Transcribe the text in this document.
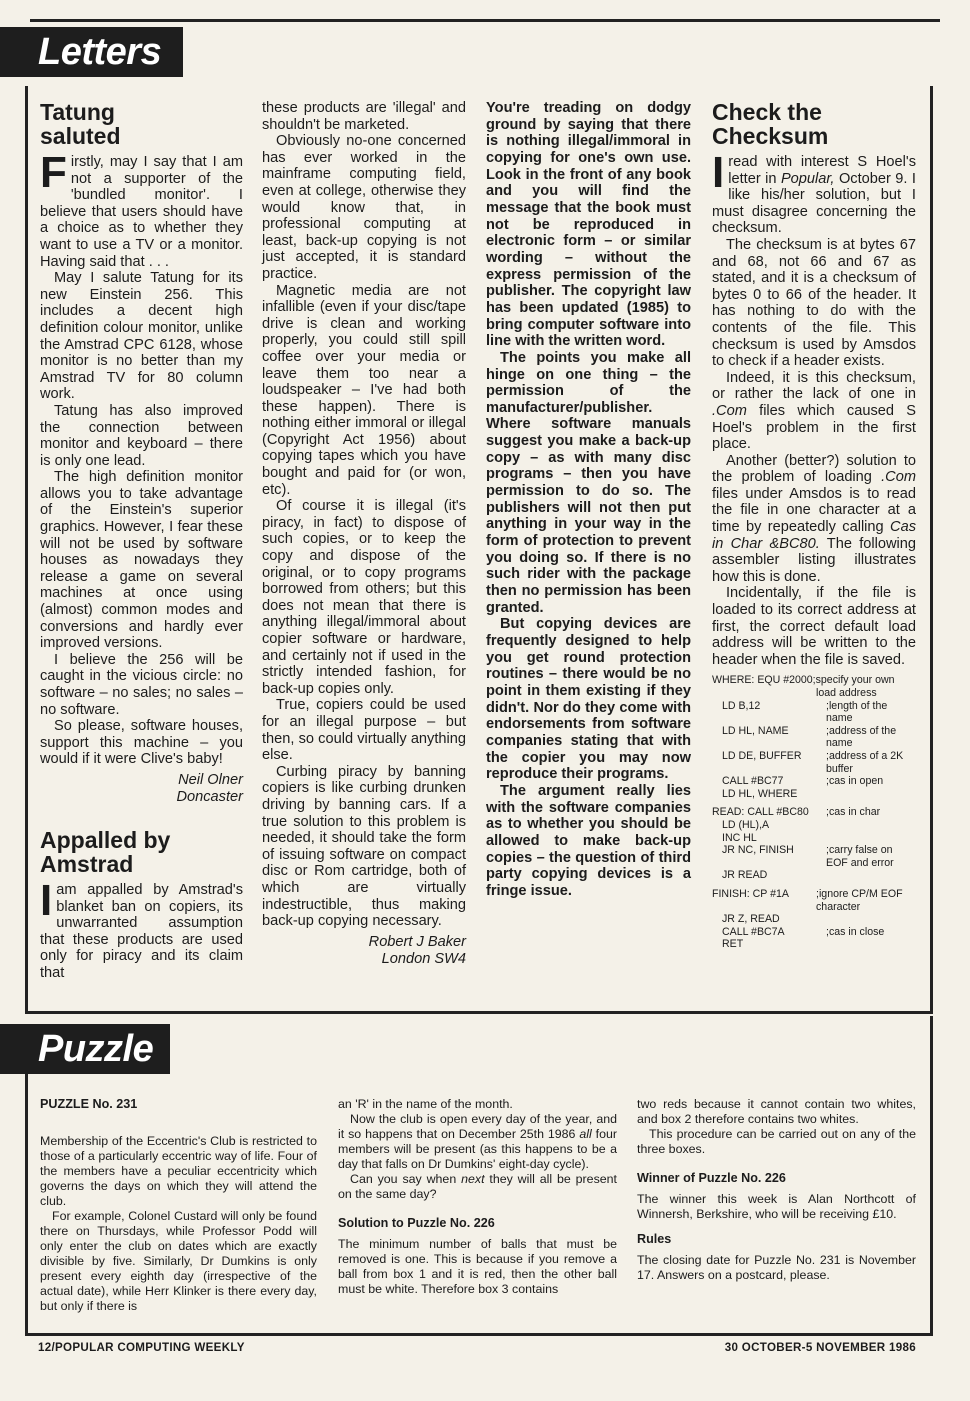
Letters
Tatung
saluted

Firstly, may I say that I am not a supporter of the 'bundled monitor'. I believe that users should have a choice as to whether they want to use a TV or a monitor. Having said that . . .

May I salute Tatung for its new Einstein 256. This includes a decent high definition colour monitor, unlike the Amstrad CPC 6128, whose monitor is no better than my Amstrad TV for 80 column work.

Tatung has also improved the connection between monitor and keyboard – there is only one lead.

The high definition monitor allows you to take advantage of the Einstein's superior graphics. However, I fear these will not be used by software houses as nowadays they release a game on several machines at once using (almost) common modes and conversions and hardly ever improved versions.

I believe the 256 will be caught in the vicious circle: no software – no sales; no sales – no software.

So please, software houses, support this machine – you would if it were Clive's baby!

Neil Olner
Doncaster
Appalled by
Amstrad

Iam appalled by Amstrad's blanket ban on copiers, its unwarranted assumption that these products are used only for piracy and its claim that

these products are 'illegal' and shouldn't be marketed.

Obviously no-one concerned has ever worked in the mainframe computing field, even at college, otherwise they would know that, in professional computing at least, back-up copying is not just accepted, it is standard practice.

Magnetic media are not infallible (even if your disc/tape drive is clean and working properly, you could still spill coffee over your media or leave them too near a loudspeaker – I've had both these happen). There is nothing either immoral or illegal (Copyright Act 1956) about copying tapes which you have bought and paid for (or won, etc).

Of course it is illegal (it's piracy, in fact) to dispose of such copies, or to keep the copy and dispose of the original, or to copy programs borrowed from others; but this does not mean that there is anything illegal/immoral about copier software or hardware, and certainly not if used in the strictly intended fashion, for back-up copies only.

True, copiers could be used for an illegal purpose – but then, so could virtually anything else.

Curbing piracy by banning copiers is like curbing drunken driving by banning cars. If a true solution to this problem is needed, it should take the form of issuing software on compact disc or Rom cartridge, both of which are virtually indestructible, thus making back-up copying necessary.

Robert J Baker
London SW4

You're treading on dodgy ground by saying that there is nothing illegal/immoral in copying for one's own use. Look in the front of any book and you will find the message that the book must not be reproduced in electronic form – or similar wording – without the express permission of the publisher. The copyright law has been updated (1985) to bring computer software into line with the written word.

The points you make all hinge on one thing – the permission of the manufacturer/publisher. Where software manuals suggest you make a back-up copy – as with many disc programs – then you have permission to do so. The publishers will not then put anything in your way in the form of protection to prevent you doing so. If there is no such rider with the package then no permission has been granted.

But copying devices are frequently designed to help you get round protection routines – there would be no point in them existing if they didn't. Nor do they come with endorsements from software companies stating that with the copier you may now reproduce their programs.

The argument really lies with the software companies as to whether you should be allowed to make back-up copies – the question of third party copying devices is a fringe issue.

Check the
Checksum

Iread with interest S Hoel's letter in Popular, October 9. I like his/her solution, but I must disagree concerning the checksum.

The checksum is at bytes 67 and 68, not 66 and 67 as stated, and it is a checksum of bytes 0 to 66 of the header. It has nothing to do with the contents of the file. This checksum is used by Amsdos to check if a header exists.

Indeed, it is this checksum, or rather the lack of one in .Com files which caused S Hoel's problem in the first place.

Another (better?) solution to the problem of loading .Com files under Amsdos is to read the file in one character at a time by repeatedly calling Cas in Char &BC80. The following assembler listing illustrates how this is done.

Incidentally, if the file is loaded to its correct address at first, the correct default load address will be written to the header when the file is saved.

WHERE: EQU #2000;specify your own
load address
LD B,12	;length of the name
LD HL, NAME	;address of the name
LD DE, BUFFER	;address of a 2K buffer
CALL #BC77	;cas in open
LD HL, WHERE
READ: CALL #BC80	;cas in char
LD (HL),A
INC HL
JR NC, FINISH	;carry false on EOF and error
JR READ
FINISH: CP #1A	;ignore CP/M EOF character
JR Z, READ
CALL #BC7A	;cas in close
RET
Puzzle
PUZZLE No. 231

Membership of the Eccentric's Club is restricted to those of a particularly eccentric way of life. Four of the members have a peculiar eccentricity which governs the days on which they will attend the club.

For example, Colonel Custard will only be found there on Thursdays, while Professor Podd will only enter the club on dates which are exactly divisible by five. Similarly, Dr Dumkins is only present every eighth day (irrespective of the actual date), while Herr Klinker is there every day, but only if there is

an 'R' in the name of the month.

Now the club is open every day of the year, and it so happens that on December 25th 1986 all four members will be present (as this happens to be a day that falls on Dr Dumkins' eight-day cycle).

Can you say when next they will all be present on the same day?

Solution to Puzzle No. 226

The minimum number of balls that must be removed is one. This is because if you remove a ball from box 1 and it is red, then the other ball must be white. Therefore box 3 contains

two reds because it cannot contain two whites, and box 2 therefore contains two whites.

This procedure can be carried out on any of the three boxes.

Winner of Puzzle No. 226

The winner this week is Alan Northcott of Winnersh, Berkshire, who will be receiving £10.

Rules

The closing date for Puzzle No. 231 is November 17. Answers on a postcard, please.

12/POPULAR COMPUTING WEEKLY	30 OCTOBER-5 NOVEMBER 1986
